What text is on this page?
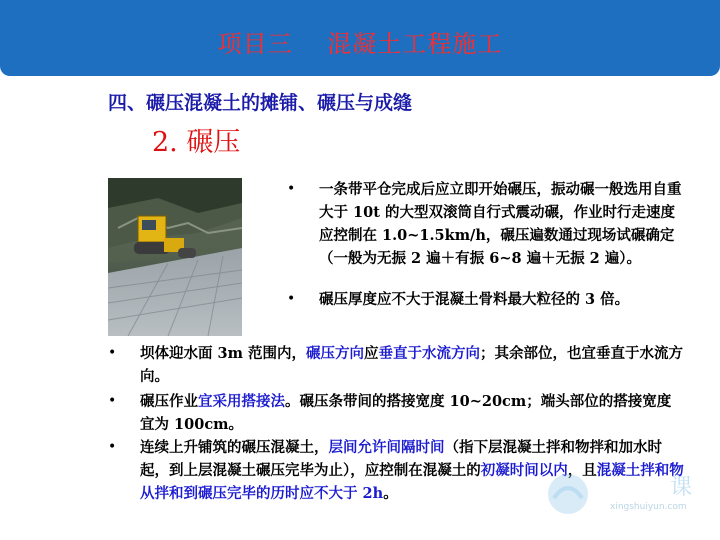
项目三    混凝土工程施工
四、碾压混凝土的摊铺、碾压与成缝
2. 碾压
• 一条带平仓完成后应立即开始碾压，振动碾一般选用自重大于 10t 的大型双滚筒自行式震动碾，作业时行走速度应控制在 1.0~1.5km/h，碾压遍数通过现场试碾确定（一般为无振 2 遍＋有振 6~8 遍＋无振 2 遍）。
• 碾压厚度应不大于混凝土骨料最大粒径的 3 倍。
• 坝体迎水面 3m 范围内，碾压方向应垂直于水流方向；其余部位，也宜垂直于水流方向。
• 碾压作业宜采用搭接法。碾压条带间的搭接宽度 10~20cm；端头部位的搭接宽度宜为 100cm。
• 连续上升铺筑的碾压混凝土，层间允许间隔时间（指下层混凝土拌和物拌和加水时起，到上层混凝土碾压完毕为止），应控制在混凝土的初凝时间以内，且混凝土拌和物从拌和到碾压完毕的历时应不大于 2h。	课
xingshuiyun.com
